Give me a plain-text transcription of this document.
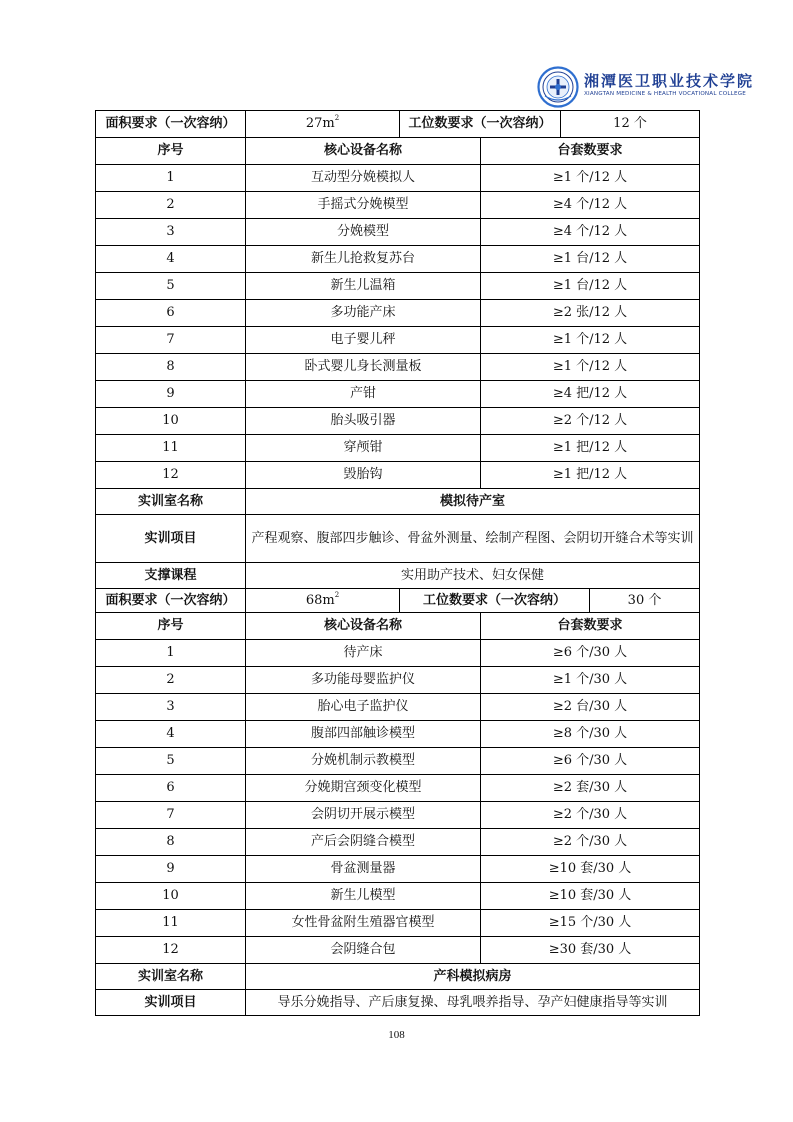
湘潭医卫职业技术学院
XIANGTAN MEDICINE & HEALTH VOCATIONAL COLLEGE
面积要求（一次容纳）	$27m^2$	工位数要求（一次容纳）		12 个	
序号	核心设备名称		台套数要求		
1	互动型分娩模拟人		≥1 个/12 人		
2	手摇式分娩模型		≥4 个/12 人		
3	分娩模型		≥4 个/12 人		
4	新生儿抢救复苏台		≥1 台/12 人		
5	新生儿温箱		≥1 台/12 人		
6	多功能产床		≥2 张/12 人		
7	电子婴儿秤		≥1 个/12 人		
8	卧式婴儿身长测量板		≥1 个/12 人		
9	产钳		≥4 把/12 人		
10	胎头吸引器		≥2 个/12 人		
11	穿颅钳		≥1 把/12 人		
12	毁胎钩		≥1 把/12 人		
实训室名称	模拟待产室				
实训项目	产程观察、腹部四步触诊、骨盆外测量、绘制产程图、会阴切开缝合术等实训				
支撑课程	实用助产技术、妇女保健				
面积要求（一次容纳）	$68m^2$	工位数要求（一次容纳）			30 个
序号	核心设备名称		台套数要求		
1	待产床		≥6 个/30 人		
2	多功能母婴监护仪		≥1 个/30 人		
3	胎心电子监护仪		≥2 台/30 人		
4	腹部四部触诊模型		≥8 个/30 人		
5	分娩机制示教模型		≥6 个/30 人		
6	分娩期宫颈变化模型		≥2 套/30 人		
7	会阴切开展示模型		≥2 个/30 人		
8	产后会阴缝合模型		≥2 个/30 人		
9	骨盆测量器		≥10 套/30 人		
10	新生儿模型		≥10 套/30 人		
11	女性骨盆附生殖器官模型		≥15 个/30 人		
12	会阴缝合包		≥30 套/30 人		
实训室名称	产科模拟病房				
实训项目	导乐分娩指导、产后康复操、母乳喂养指导、孕产妇健康指导等实训				
108
